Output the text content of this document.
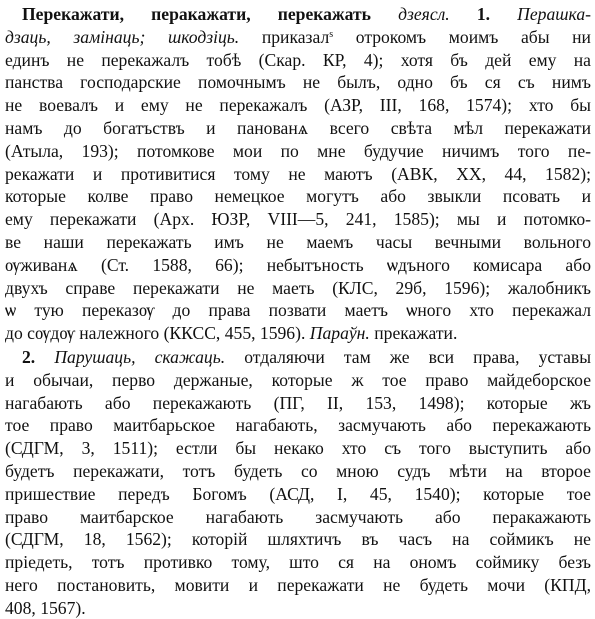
Перекажати, перакажати, перекажать дзеясл. 1. Перашка-
дзаць, замінаць; шкодзіць. приказал$^s$ отрокомъ моимъ абы ни
единъ не перекажалъ тобѣ (Скар. КР, 4); хотя бъ дей ему на
панства господарские помочнымъ не былъ, одно бъ ся съ нимъ
не воевалъ и ему не перекажалъ (АЗР, III, 168, 1574); хто бы
намъ до богатъствъ и панованѧ всего свѣта мѣл перекажати
(Атыла, 193); потомкове мои по мне будучие ничимъ того пе-
рекажати и противитися тому не маютъ (АВК, XX, 44, 1582);
которые колве право немецкое могутъ або звыкли псовать и
ему перекажати (Арх. ЮЗР, VIII—5, 241, 1585); мы и потомко-
ве наши перекажать имъ не маемъ часы вечными вольного
ѹживанѧ (Ст. 1588, 66); небытъность ѡдъного комисара або
двухъ справе перекажати не маеть (КЛС, 29б, 1596); жалобникъ
ѡ тую переказѹ до права позвати маетъ ѡного хто перекажал
до сѹдѹ належного (ККСС, 455, 1596). Параўн. прекажати.
2. Парушаць, скажаць. отдаляючи там же вси права, уставы
и обычаи, перво держаные, которые ж тое право майдеборское
нагабають або перекажають (ПГ, II, 153, 1498); которые жъ
тое право маитбарьское нагабають, засмучають або перекажають
(СДГМ, 3, 1511); естли бы некако хто съ того выступить або
будетъ перекажати, тотъ будеть со мною судъ мѣти на второе
пришествие передъ Богомъ (АСД, I, 45, 1540); которые тое
право маитбарское нагабають засмучають або перакажають
(СДГМ, 18, 1562); которій шляхтичъ въ часъ на соймикъ не
прiедеть, тотъ противко тому, што ся на ономъ соймику безъ
него постановить, мовити и перекажати не будеть мочи (КПД,
408, 1567).
